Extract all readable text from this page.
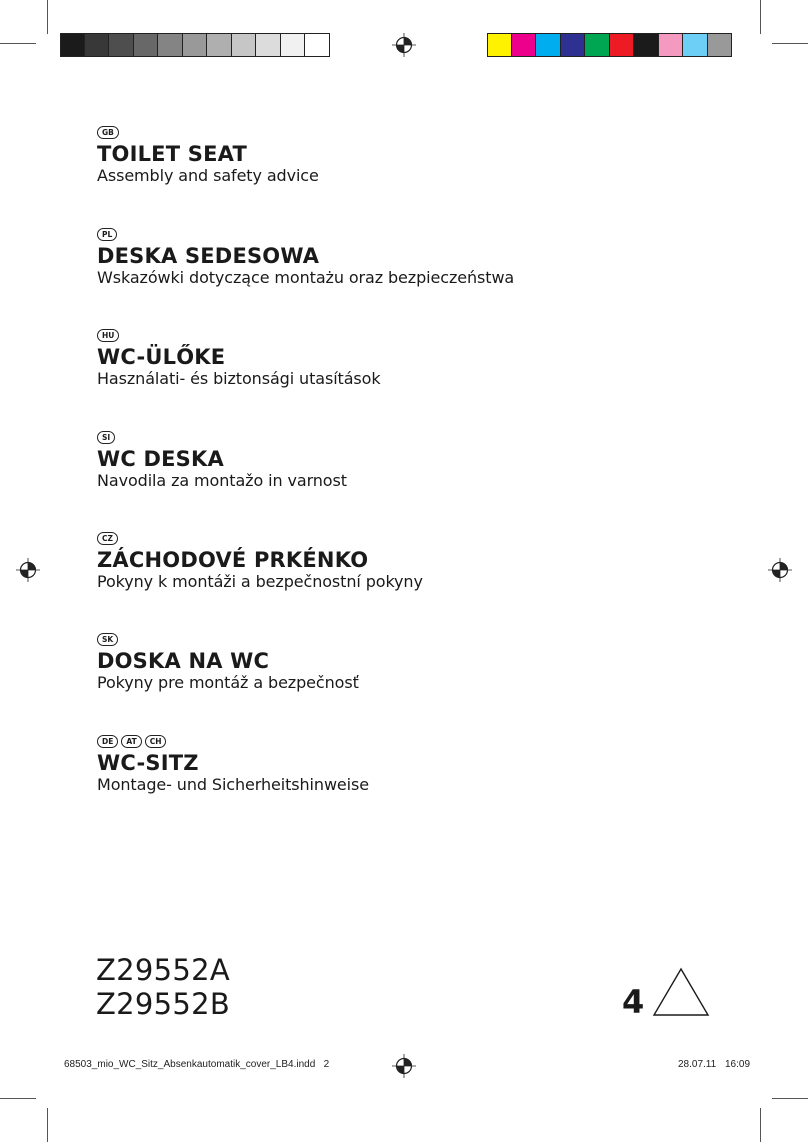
GB
TOILET SEAT
Assembly and safety advice
PL
DESKA SEDESOWA
Wskazówki dotyczące montażu oraz bezpieczeństwa
HU
WC-ÜLŐKE
Használati- és biztonsági utasítások
SI
WC DESKA
Navodila za montažo in varnost
CZ
ZÁCHODOVÉ PRKÉNKO
Pokyny k montáži a bezpečnostní pokyny
SK
DOSKA NA WC
Pokyny pre montáž a bezpečnosť
DE	AT	CH
WC-SITZ
Montage- und Sicherheitshinweise
Z29552A
Z29552B	4
68503_mio_WC_Sitz_Absenkautomatik_cover_LB4.indd   2	28.07.11 16:09
